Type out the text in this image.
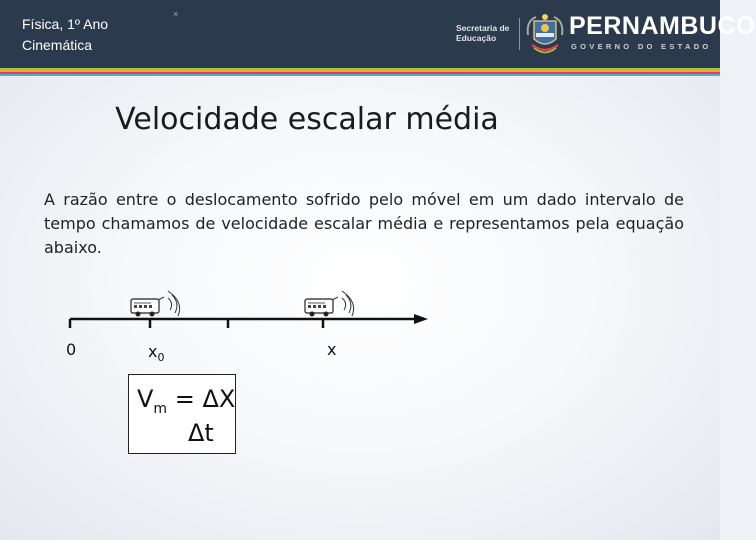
Física, 1º Ano
Cinemática
×
Secretaria de
Educação	PERNAMBUCO
GOVERNO DO ESTADO
Velocidade escalar média
A razão entre o deslocamento sofrido pelo móvel em um dado intervalo de tempo chamamos de velocidade escalar média e representamos pela equação abaixo.
0	$x_0$	x
$V_m = \Delta X$
Δt
